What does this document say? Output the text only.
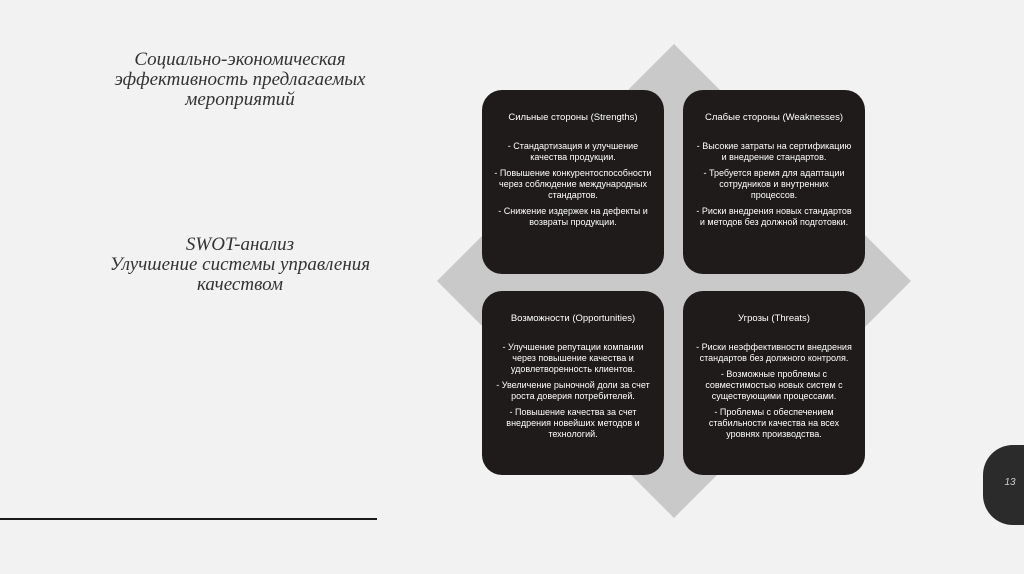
Социально-экономическая
эффективность предлагаемых
мероприятий
SWOT-анализ
Улучшение системы управления
качеством
Сильные стороны (Strengths)
- Стандартизация и улучшение качества продукции.
- Повышение конкурентоспособности через соблюдение международных стандартов.
- Снижение издержек на дефекты и возвраты продукции.
Слабые стороны (Weaknesses)
- Высокие затраты на сертификацию и внедрение стандартов.
- Требуется время для адаптации сотрудников и внутренних процессов.
- Риски внедрения новых стандартов и методов без должной подготовки.
Возможности (Opportunities)
- Улучшение репутации компании через повышение качества и удовлетворенность клиентов.
- Увеличение рыночной доли за счет роста доверия потребителей.
- Повышение качества за счет внедрения новейших методов и технологий.
Угрозы (Threats)
- Риски неэффективности внедрения стандартов без должного контроля.
- Возможные проблемы с совместимостью новых систем с существующими процессами.
- Проблемы с обеспечением стабильности качества на всех уровнях производства.
13
